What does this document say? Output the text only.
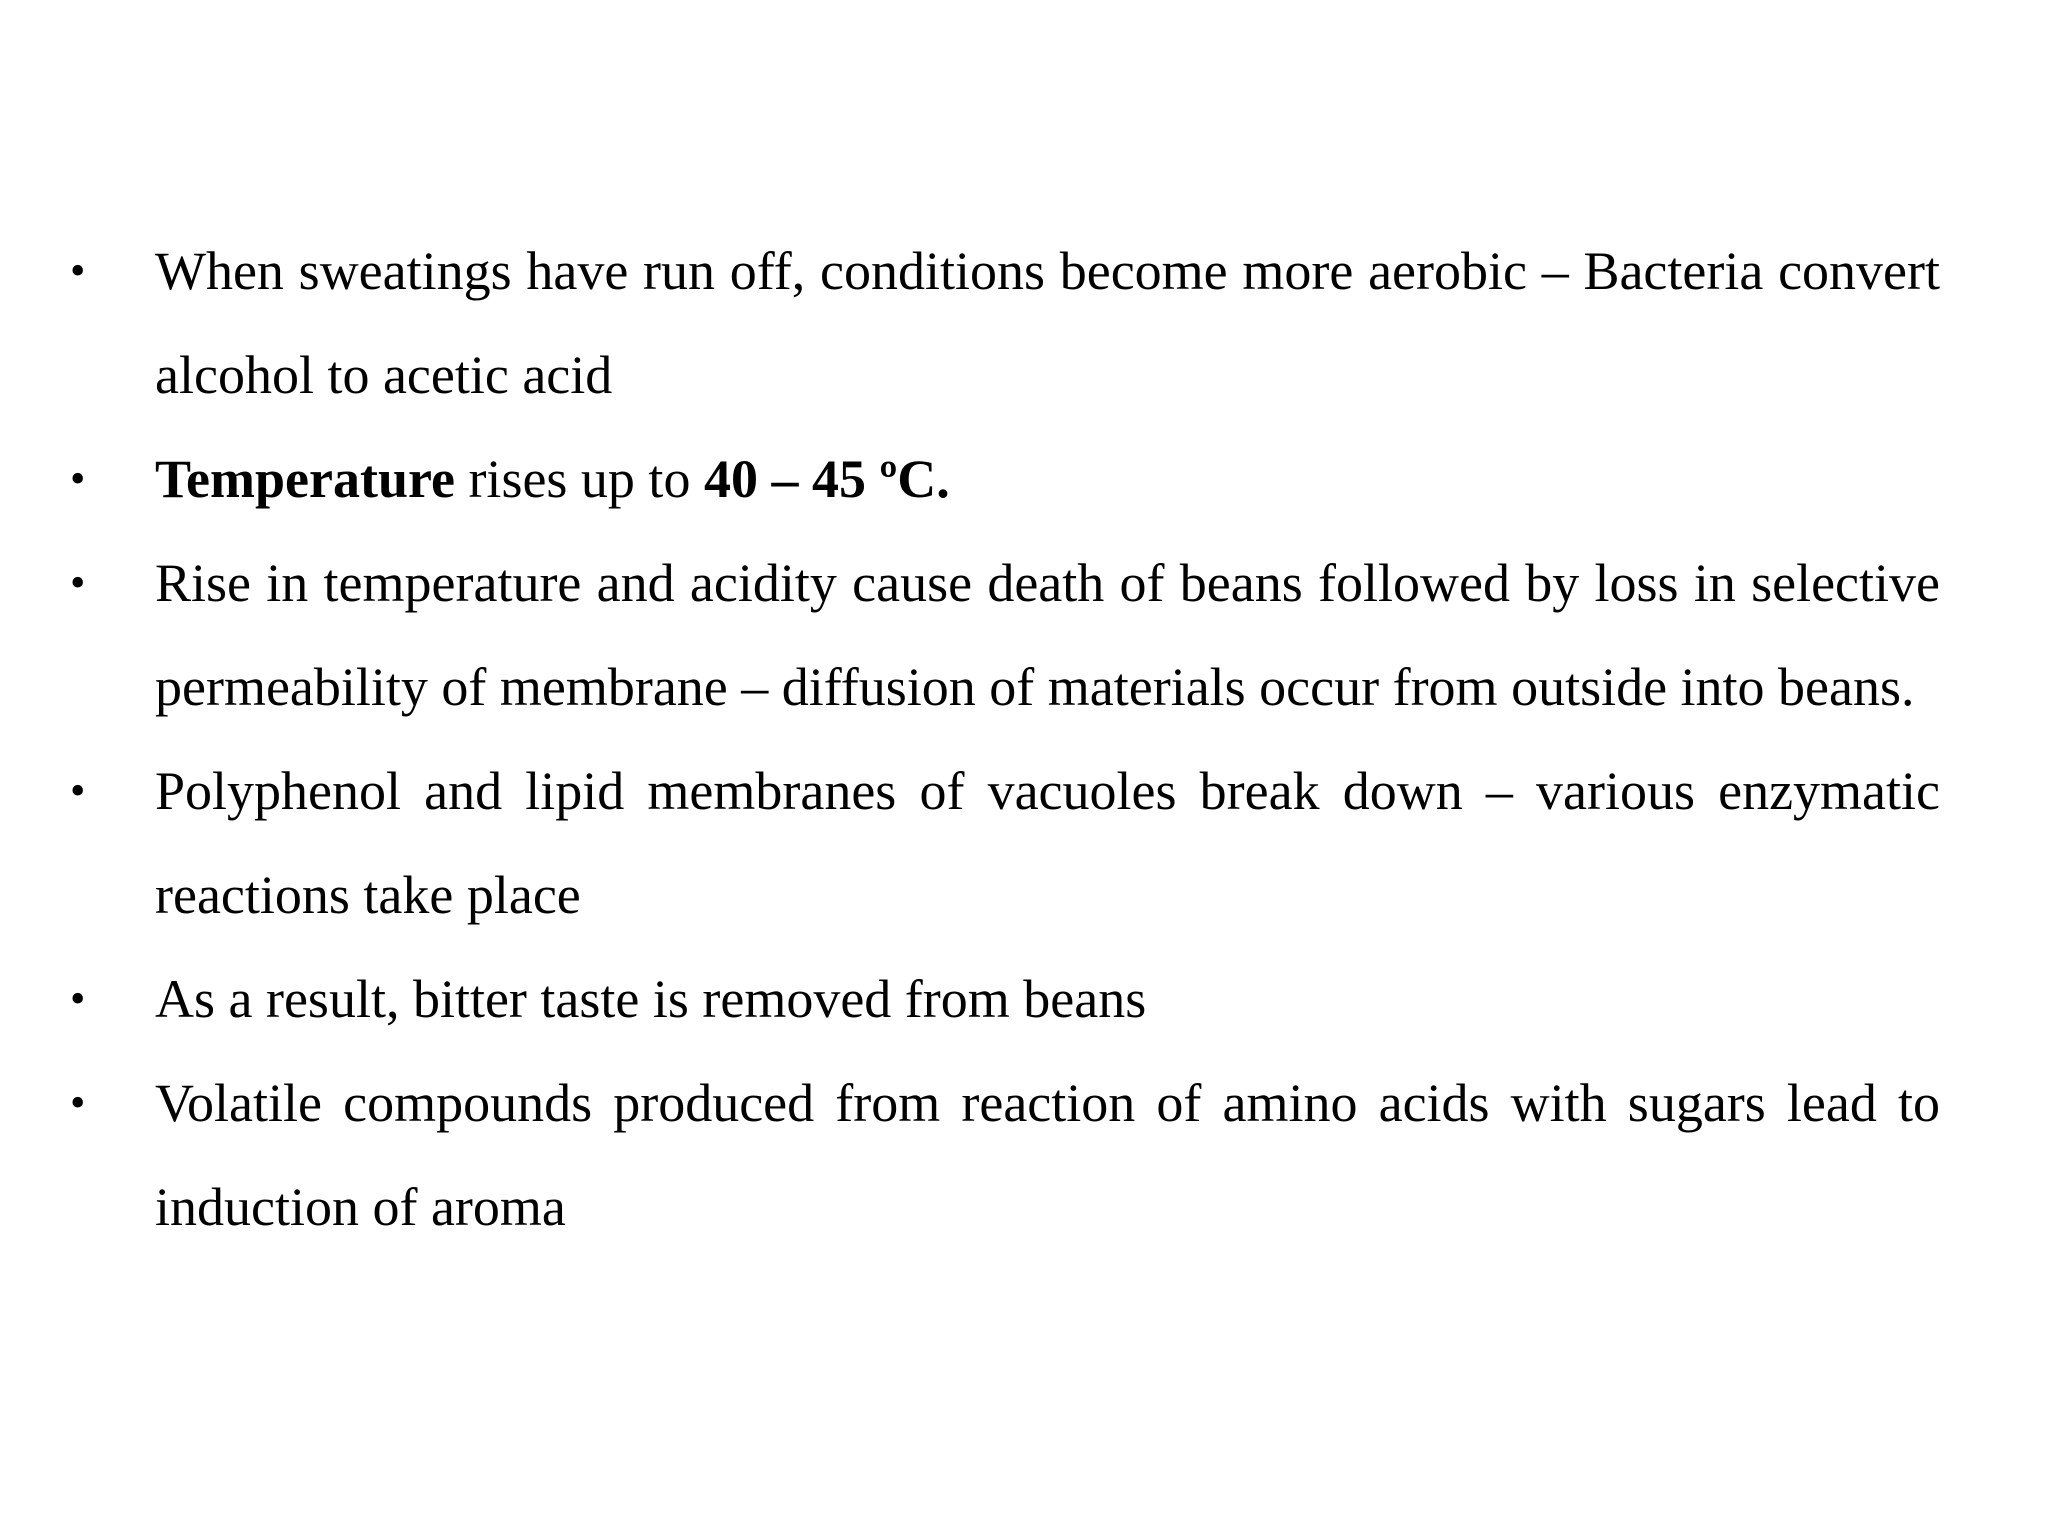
•	When sweatings have run off, conditions become more aerobic – Bacteria convert alcohol to acetic acid
•	Temperature rises up to 40 – 45 ºC.
•	Rise in temperature and acidity cause death of beans followed by loss in selective permeability of membrane – diffusion of materials occur from outside into beans.
•	Polyphenol and lipid membranes of vacuoles break down – various enzymatic reactions take place
•	As a result, bitter taste is removed from beans
•	Volatile compounds produced from reaction of amino acids with sugars lead to induction of aroma
